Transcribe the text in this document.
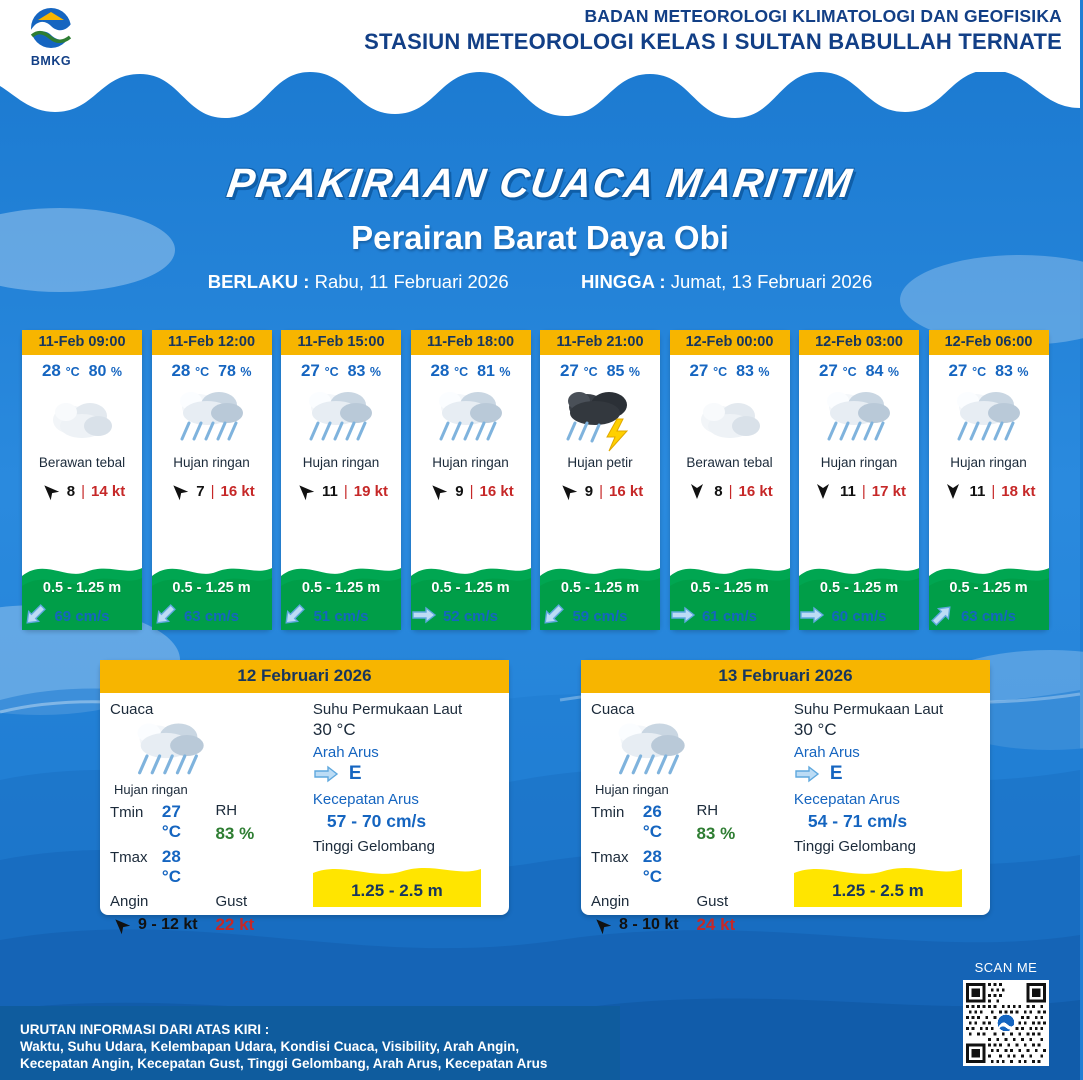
BMKG
BADAN METEOROLOGI KLIMATOLOGI DAN GEOFISIKA
STASIUN METEOROLOGI KELAS I SULTAN BABULLAH TERNATE
PRAKIRAAN CUACA MARITIM
Perairan Barat Daya Obi
BERLAKU : Rabu, 11 Februari 2026	HINGGA : Jumat, 13 Februari 2026
11-Feb 09:00
28 °C 80 %
Berawan tebal
8 | 14 kt
0.5 - 1.25 m
69 cm/s
11-Feb 12:00
28 °C 78 %
Hujan ringan
7 | 16 kt
0.5 - 1.25 m
63 cm/s
11-Feb 15:00
27 °C 83 %
Hujan ringan
11 | 19 kt
0.5 - 1.25 m
51 cm/s
11-Feb 18:00
28 °C 81 %
Hujan ringan
9 | 16 kt
0.5 - 1.25 m
52 cm/s
11-Feb 21:00
27 °C 85 %
Hujan petir
9 | 16 kt
0.5 - 1.25 m
59 cm/s
12-Feb 00:00
27 °C 83 %
Berawan tebal
8 | 16 kt
0.5 - 1.25 m
61 cm/s
12-Feb 03:00
27 °C 84 %
Hujan ringan
11 | 17 kt
0.5 - 1.25 m
60 cm/s
12-Feb 06:00
27 °C 83 %
Hujan ringan
11 | 18 kt
0.5 - 1.25 m
63 cm/s
12 Februari 2026
Cuaca
Hujan ringan
Tmin	27 °C
Tmax 28 °C
RH
83 %
Angin
9 - 12 kt
Gust
22 kt
Suhu Permukaan Laut
30 °C
Arah Arus
E
Kecepatan Arus
57 - 70 cm/s
Tinggi Gelombang
1.25 - 2.5 m
13 Februari 2026
Cuaca
Hujan ringan
Tmin	26 °C
Tmax 28 °C
RH
83 %
Angin
8 - 10 kt
Gust
24 kt
Suhu Permukaan Laut
30 °C
Arah Arus
E
Kecepatan Arus
54 - 71 cm/s
Tinggi Gelombang
1.25 - 2.5 m
URUTAN INFORMASI DARI ATAS KIRI :
Waktu, Suhu Udara, Kelembapan Udara, Kondisi Cuaca, Visibility, Arah Angin,
Kecepatan Angin, Kecepatan Gust, Tinggi Gelombang, Arah Arus, Kecepatan Arus
SCAN ME
